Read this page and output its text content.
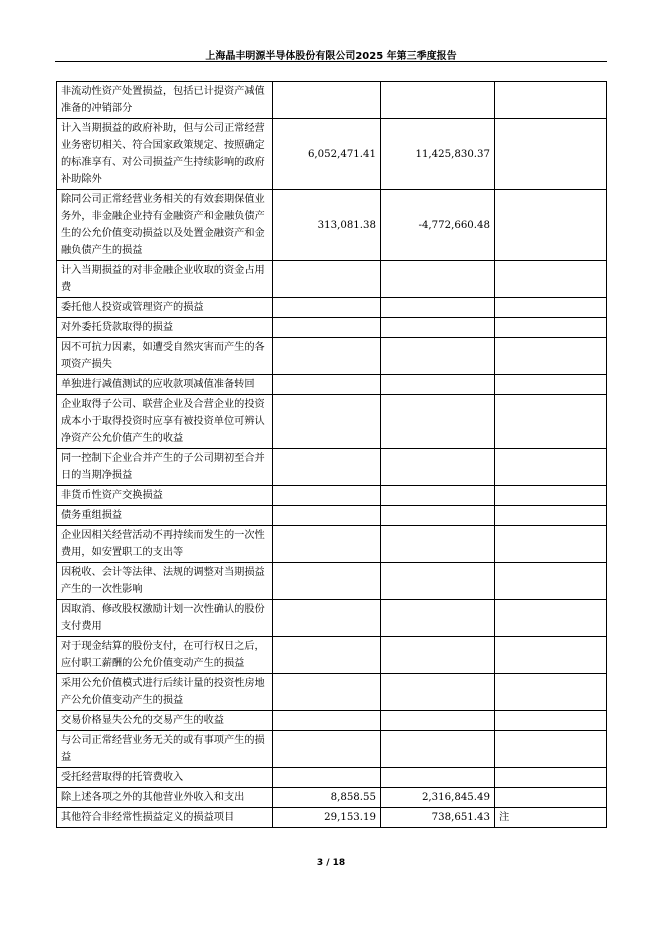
上海晶丰明源半导体股份有限公司2025 年第三季度报告
非流动性资产处置损益，包括已计提资产减值准备的冲销部分			
计入当期损益的政府补助，但与公司正常经营业务密切相关、符合国家政策规定、按照确定的标准享有、对公司损益产生持续影响的政府补助除外	6,052,471.41	11,425,830.37	
除同公司正常经营业务相关的有效套期保值业务外，非金融企业持有金融资产和金融负债产生的公允价值变动损益以及处置金融资产和金融负债产生的损益	313,081.38	-4,772,660.48	
计入当期损益的对非金融企业收取的资金占用费			
委托他人投资或管理资产的损益			
对外委托贷款取得的损益			
因不可抗力因素，如遭受自然灾害而产生的各项资产损失			
单独进行减值测试的应收款项减值准备转回			
企业取得子公司、联营企业及合营企业的投资成本小于取得投资时应享有被投资单位可辨认净资产公允价值产生的收益			
同一控制下企业合并产生的子公司期初至合并日的当期净损益			
非货币性资产交换损益			
债务重组损益			
企业因相关经营活动不再持续而发生的一次性费用，如安置职工的支出等			
因税收、会计等法律、法规的调整对当期损益产生的一次性影响			
因取消、修改股权激励计划一次性确认的股份支付费用			
对于现金结算的股份支付，在可行权日之后，应付职工薪酬的公允价值变动产生的损益			
采用公允价值模式进行后续计量的投资性房地产公允价值变动产生的损益			
交易价格显失公允的交易产生的收益			
与公司正常经营业务无关的或有事项产生的损益			
受托经营取得的托管费收入			
除上述各项之外的其他营业外收入和支出	8,858.55	2,316,845.49	
其他符合非经常性损益定义的损益项目	29,153.19	738,651.43	注
3 / 18
